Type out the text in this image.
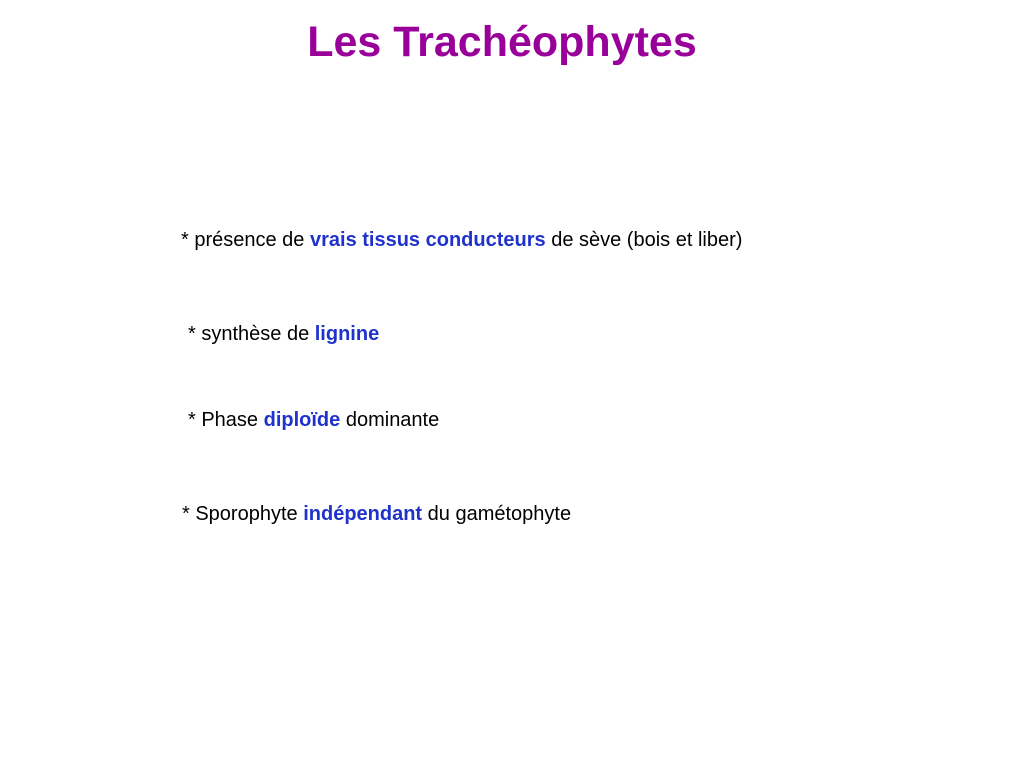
Les Trachéophytes

* présence de vrais tissus conducteurs de sève (bois et liber)

* synthèse de lignine

* Phase diploïde dominante

* Sporophyte indépendant du gamétophyte
